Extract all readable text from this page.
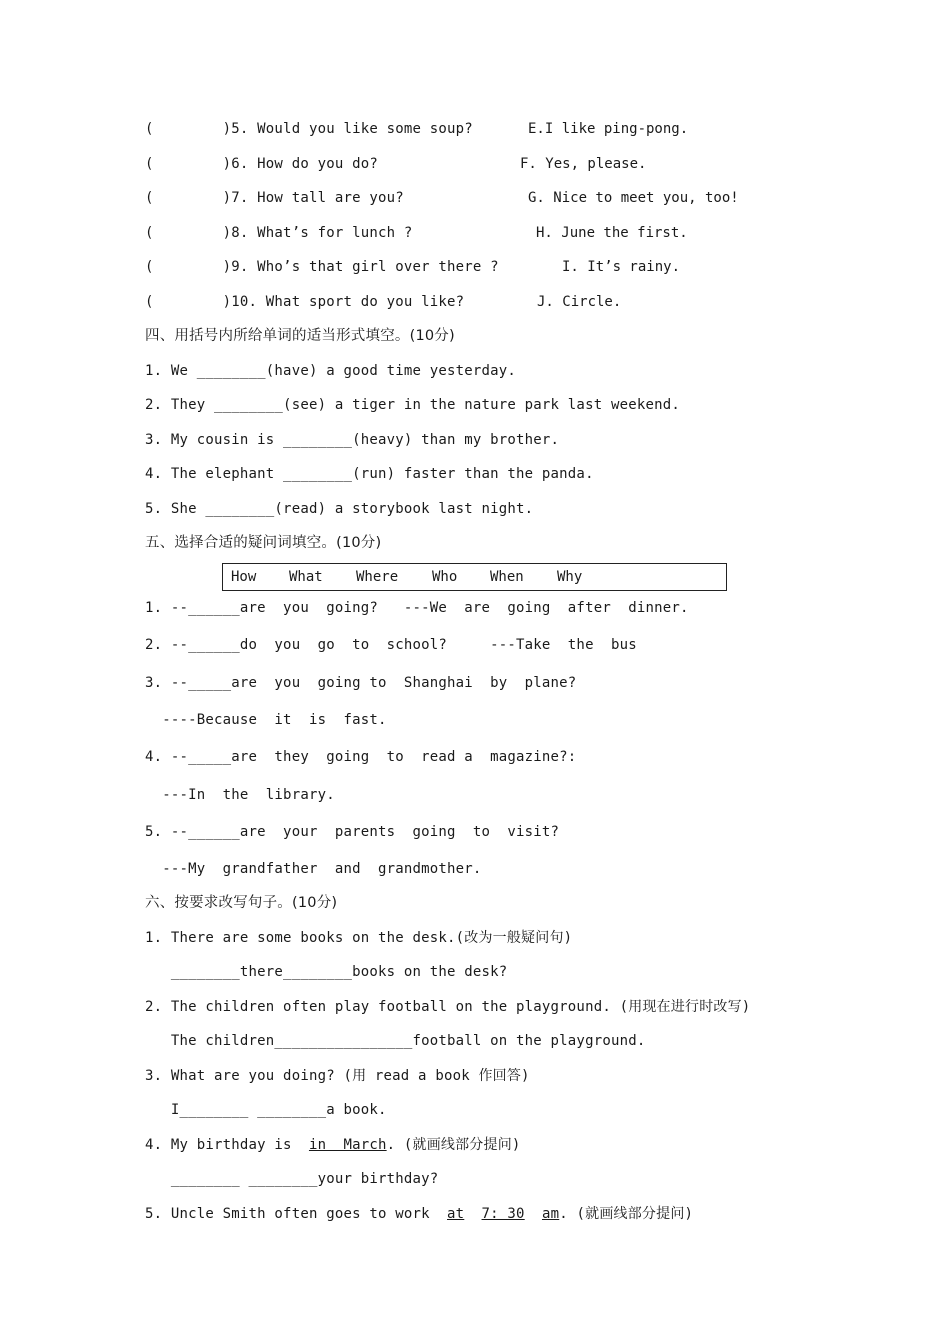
(        )5. Would you like some soup?	E.I like ping-pong.
(        )6. How do you do?	F. Yes, please.
(        )7. How tall are you?	G. Nice to meet you, too!
(        )8. What’s for lunch ?	H. June the first.
(        )9. Who’s that girl over there ?	I. It’s rainy.
(        )10. What sport do you like?	J. Circle.
四、用括号内所给单词的适当形式填空。(10分)
1. We ________(have) a good time yesterday.
2. They ________(see) a tiger in the nature park last weekend.
3. My cousin is ________(heavy) than my brother.
4. The elephant ________(run) faster than the panda.
5. She ________(read) a storybook last night.
五、选择合适的疑问词填空。(10分)
How What Where Who When Why
1. --______are  you  going?   ---We  are  going  after  dinner.
2. --______do  you  go  to  school?     ---Take  the  bus
3. --_____are  you  going to  Shanghai  by  plane?
----Because  it  is  fast.
4. --_____are  they  going  to  read a  magazine?:
---In  the  library.
5. --______are  your  parents  going  to  visit?
---My  grandfather  and  grandmother.
六、按要求改写句子。(10分)
1. There are some books on the desk.(改为一般疑问句)
________there________books on the desk?
2. The children often play football on the playground. (用现在进行时改写)
The children________________football on the playground.
3. What are you doing? (用 read a book 作回答)
I________ ________a book.
4. My birthday is  in  March. (就画线部分提问)
________ ________your birthday?
5. Uncle Smith often goes to work  at 7: 30 am. (就画线部分提问)
